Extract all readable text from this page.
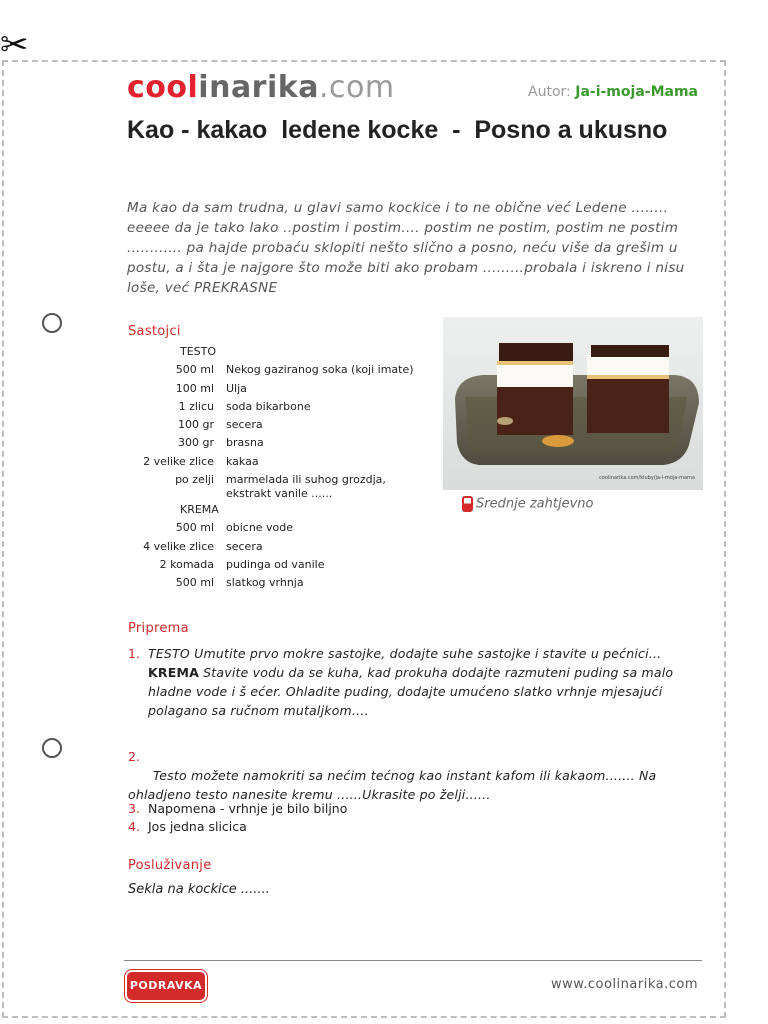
✂
coolinarika.com	Autor: Ja-i-moja-Mama
Kao - kakao  ledene kocke  -  Posno a ukusno
Ma kao da sam trudna, u glavi samo kockice i to ne obične već Ledene ........ eeeee da je tako lako ..postim i postim.... postim ne postim, postim ne postim ............ pa hajde probaću sklopiti nešto slično a posno, neću više da grešim u postu, a i šta je najgore što može biti ako probam .........probala i iskreno i nisu loše, već PREKRASNE
Sastojci
TESTO
500 ml	Nekog gaziranog soka (koji imate)
100 ml	Ulja
1 zlicu	soda bikarbone
100 gr	secera
300 gr	brasna
2 velike zlice	kakaa
po zelji	marmelada ili suhog grozdja, ekstrakt vanile ......
KREMA
500 ml	obicne vode
4 velike zlice	secera
2 komada	pudinga od vanile
500 ml	slatkog vrhnja
coolinarika.com/kluby/ja-i-moja-mama
Srednje zahtjevno
Priprema
1. TESTO Umutite prvo mokre sastojke, dodajte suhe sastojke i stavite u pećnici... KREMA Stavite vodu da se kuha, kad prokuha dodajte razmuteni puding sa malo hladne vode i š ećer. Ohladite puding, dodajte umućeno slatko vrhnje mjesajući polagano sa ručnom mutaljkom....
2.
Testo možete namokriti sa nećim tećnog kao instant kafom ili kakaom....... Na ohladjeno testo nanesite kremu ......Ukrasite po želji......
3. Napomena - vrhnje je bilo biljno
4. Jos jedna slicica
Posluživanje
Sekla na kockice .......
PODRAVKA	www.coolinarika.com
